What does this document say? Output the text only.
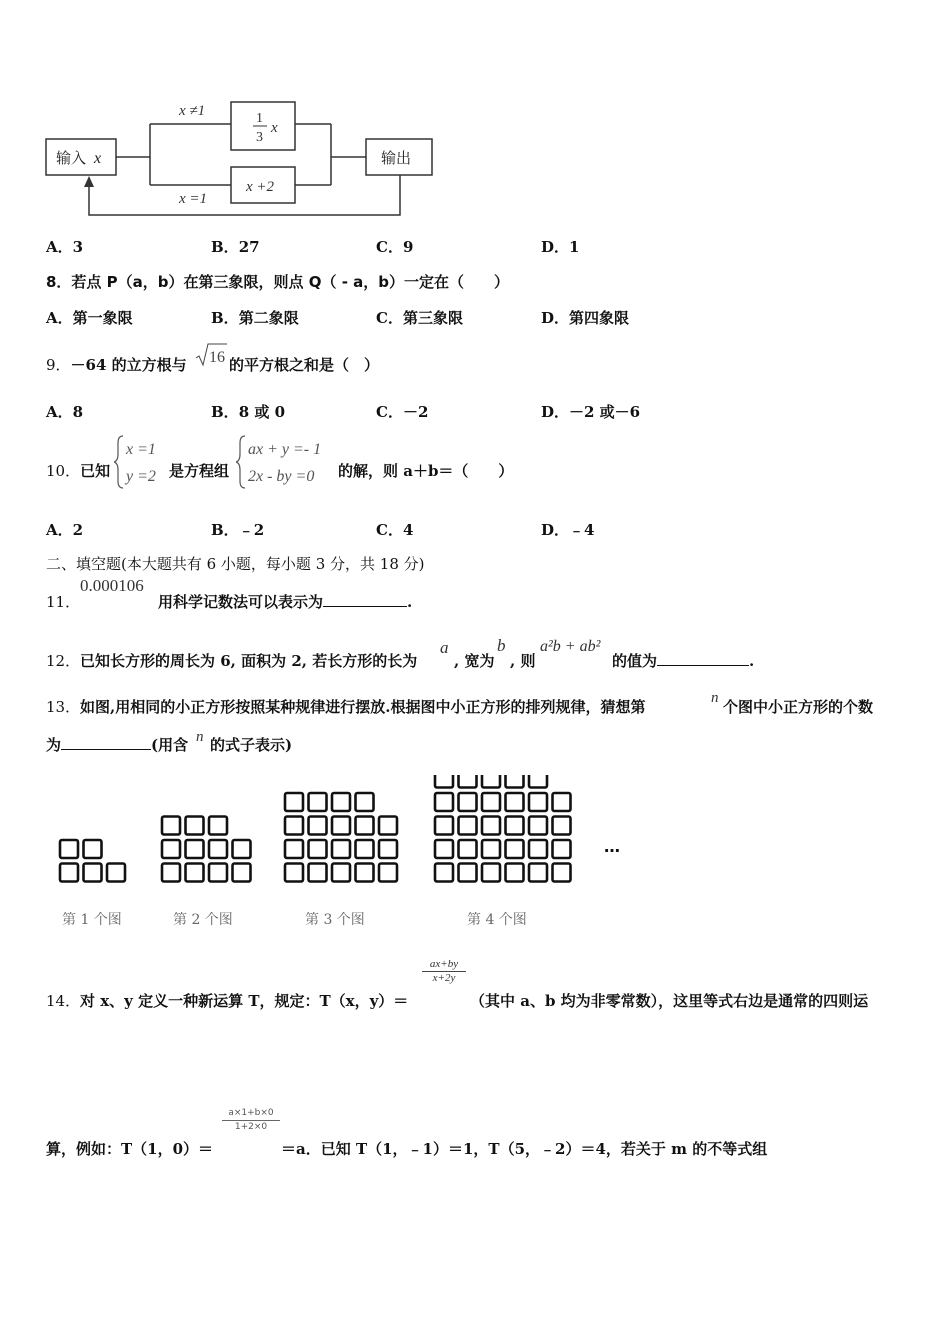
输入 x	输出
x ≠1
x =1
1
3
x
x +2
A．3	B．27	C．9	D．1
8．若点 P（a，b）在第三象限，则点 Q（ - a，b）一定在（　　）
A．第一象限	B．第二象限	C．第三象限	D．第四象限
9．－64 的立方根与 16 的平方根之和是（　）
A．8	B．8 或 0	C．－2	D．－2 或－6
10．已知
x =1
y =2 是方程组
ax + y =- 1
2x - by =0 的解，则 a＋b＝（　　）
A．2	B．﹣2	C．4	D．﹣4
二、填空题(本大题共有 6 小题，每小题 3 分，共 18 分)
11．
0.000106
用科学记数法可以表示为	.
12． 已知长方形的周长为 6, 面积为 2, 若长方形的长为
a
, 宽为
b
, 则
a²b + ab²
的值为	.
13． 如图,用相同的小正方形按照某种规律进行摆放.根据图中小正方形的排列规律，猜想第	n 个图中小正方形的个数
为	(用含 n 的式子表示)
…
第 1 个图	第 2 个图	第 3 个图	第 4 个图
14． 对 x、y 定义一种新运算 T，规定：T（x，y）＝
$\frac{ax+by}{x+2y}$
（其中 a、b 均为非零常数），这里等式右边是通常的四则运
$\frac{a\times 1+b\times 0}{1+2\times 0}$
算，例如：T（1，0）＝	＝a．已知 T（1，﹣1）＝1，T（5，﹣2）＝4，若关于 m 的不等式组
